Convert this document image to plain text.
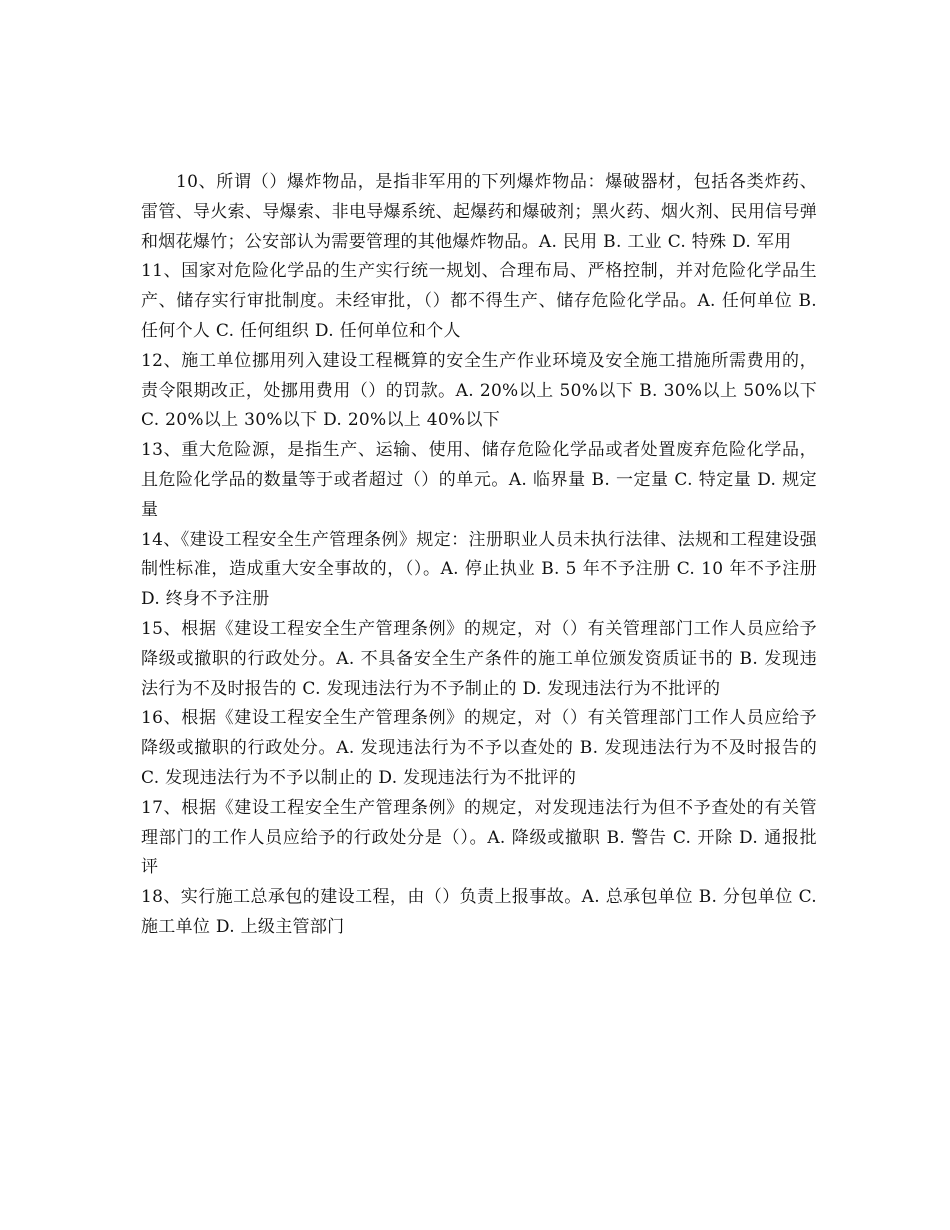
10、所谓（）爆炸物品，是指非军用的下列爆炸物品：爆破器材，包括各类炸药、雷管、导火索、导爆索、非电导爆系统、起爆药和爆破剂；黑火药、烟火剂、民用信号弹和烟花爆竹；公安部认为需要管理的其他爆炸物品。A. 民用 B. 工业 C. 特殊 D. 军用

11、国家对危险化学品的生产实行统一规划、合理布局、严格控制，并对危险化学品生产、储存实行审批制度。未经审批，（）都不得生产、储存危险化学品。A. 任何单位 B. 任何个人 C. 任何组织 D. 任何单位和个人

12、施工单位挪用列入建设工程概算的安全生产作业环境及安全施工措施所需费用的，责令限期改正，处挪用费用（）的罚款。A. 20%以上 50%以下 B. 30%以上 50%以下 C. 20%以上 30%以下 D. 20%以上 40%以下

13、重大危险源，是指生产、运输、使用、储存危险化学品或者处置废弃危险化学品，且危险化学品的数量等于或者超过（）的单元。A. 临界量 B. 一定量 C. 特定量 D. 规定量

14、《建设工程安全生产管理条例》规定：注册职业人员未执行法律、法规和工程建设强制性标准，造成重大安全事故的，（）。A. 停止执业 B. 5 年不予注册 C. 10 年不予注册 D. 终身不予注册

15、根据《建设工程安全生产管理条例》的规定，对（）有关管理部门工作人员应给予降级或撤职的行政处分。A. 不具备安全生产条件的施工单位颁发资质证书的 B. 发现违法行为不及时报告的 C. 发现违法行为不予制止的 D. 发现违法行为不批评的

16、根据《建设工程安全生产管理条例》的规定，对（）有关管理部门工作人员应给予降级或撤职的行政处分。A. 发现违法行为不予以查处的 B. 发现违法行为不及时报告的 C. 发现违法行为不予以制止的 D. 发现违法行为不批评的

17、根据《建设工程安全生产管理条例》的规定，对发现违法行为但不予查处的有关管理部门的工作人员应给予的行政处分是（）。A. 降级或撤职 B. 警告 C. 开除 D. 通报批评

18、实行施工总承包的建设工程，由（）负责上报事故。A. 总承包单位 B. 分包单位 C. 施工单位 D. 上级主管部门
